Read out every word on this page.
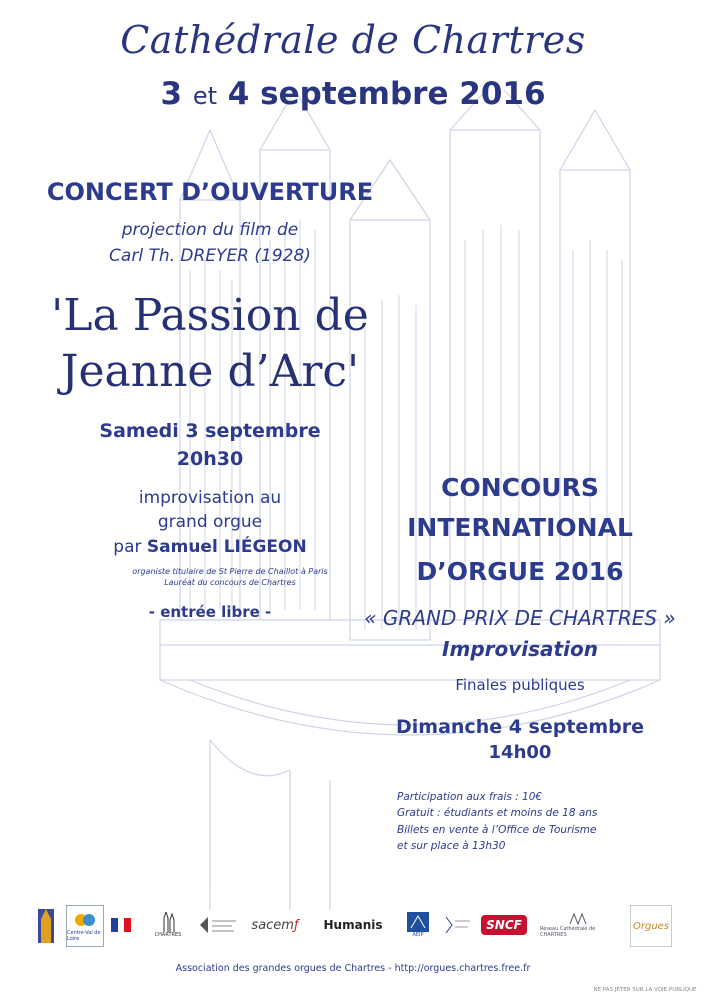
Cathédrale de Chartres
3 et 4 septembre 2016
CONCERT D’OUVERTURE
projection du film de
Carl Th. DREYER (1928)
'La Passion de
Jeanne d’Arc'
Samedi 3 septembre
20h30
improvisation au
grand orgue
par Samuel LIÉGEON
organiste titulaire de St Pierre de Chaillot à Paris
Lauréat du concours de Chartres
- entrée libre -
CONCOURS
INTERNATIONAL
D’ORGUE 2016
« GRAND PRIX DE CHARTRES »
Improvisation
Finales publiques
Dimanche 4 septembre
14h00
Participation aux frais : 10€
Gratuit : étudiants et moins de 18 ans
Billets en vente à l’Office de Tourisme
et sur place à 13h30
Centre-Val de Loire
CHARTRES
sacem ƒ Humanis
AEIP
SNCF	Réseau Cathédrale de CHARTRES
Orgues
Association des grandes orgues de Chartres - http://orgues.chartres.free.fr
NE PAS JETER SUR LA VOIE PUBLIQUE
